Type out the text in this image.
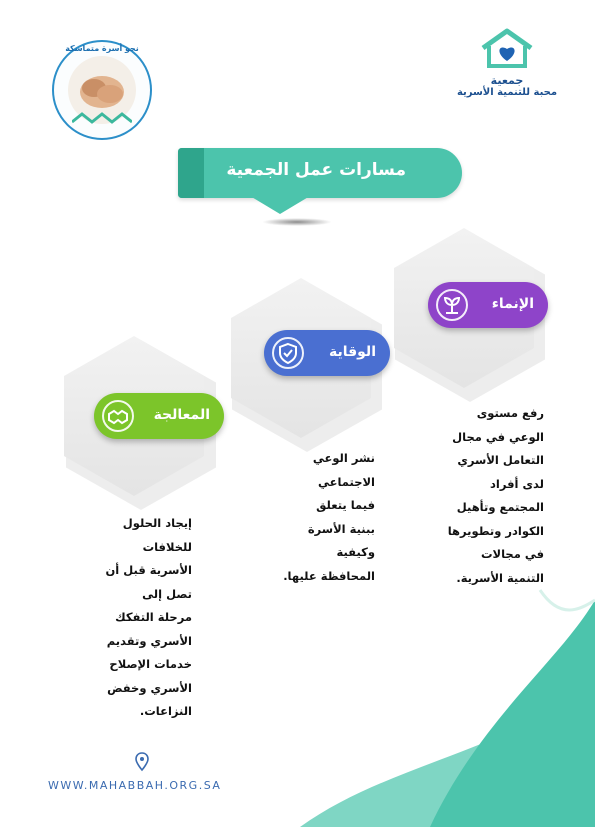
نحو أسرة متماسكة
جمعية
محبة للتنمية الأسرية
مسارات عمل الجمعية
الإنماء
الوقاية
المعالجة	رفع مستوى
الوعي في مجال
التعامل الأسري
لدى أفراد
المجتمع وتأهيل
الكوادر وتطويرها
في مجالات
التنمية الأسرية.
نشر الوعي
الاجتماعي
فيما يتعلق
ببنية الأسرة
وكيفية
المحافظة عليها.
إيجاد الحلول
للخلافات
الأسرية قبل أن
تصل إلى
مرحلة التفكك
الأسري وتقديم
خدمات الإصلاح
الأسري وخفض
النزاعات.
WWW.MAHABBAH.ORG.SA
